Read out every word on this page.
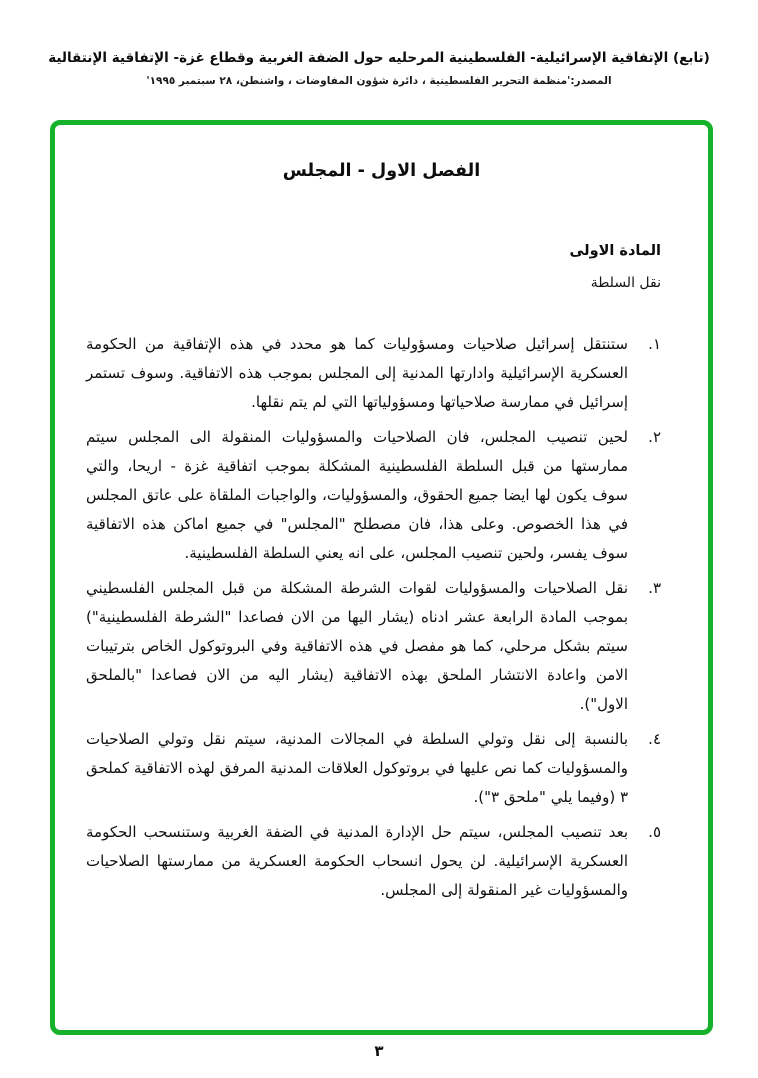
(تابع) الإتفاقية الإسرائيلية- الفلسطينية المرحليه حول الضفة الغربية وقطاع غزة- الإتفاقية الإنتقالية
المصدر:'منظمة التحرير الفلسطينية ، دائرة شؤون المفاوضات ، واشنطن، ٢٨ سبتمبر ١٩٩٥'
الفصل الاول - المجلس
المادة الاولى
نقل السلطة
١.
ستنتقل إسرائيل صلاحيات ومسؤوليات كما هو محدد في هذه الإتفاقية من الحكومة العسكرية الإسرائيلية وادارتها المدنية إلى المجلس بموجب هذه الاتفاقية. وسوف تستمر إسرائيل في ممارسة صلاحياتها ومسؤولياتها التي لم يتم نقلها.
٢.
لحين تنصيب المجلس، فان الصلاحيات والمسؤوليات المنقولة الى المجلس سيتم ممارستها من قبل السلطة الفلسطينية المشكلة بموجب اتفاقية غزة - اريحا، والتي سوف يكون لها ايضا جميع الحقوق، والمسؤوليات، والواجبات الملقاة على عاتق المجلس في هذا الخصوص. وعلى هذا، فان مصطلح "المجلس" في جميع اماكن هذه الاتفاقية سوف يفسر، ولحين تنصيب المجلس، على انه يعني السلطة الفلسطينية.
٣.
نقل الصلاحيات والمسؤوليات لقوات الشرطة المشكلة من قبل المجلس الفلسطيني بموجب المادة الرابعة عشر ادناه (يشار اليها من الان فصاعدا "الشرطة الفلسطينية") سيتم بشكل مرحلي، كما هو مفصل في هذه الاتفاقية وفي البروتوكول الخاص بترتيبات الامن واعادة الانتشار الملحق بهذه الاتفاقية (يشار اليه من الان فصاعدا "بالملحق الاول").
٤.
بالنسبة إلى نقل وتولي السلطة في المجالات المدنية، سيتم نقل وتولي الصلاحيات والمسؤوليات كما نص عليها في بروتوكول العلاقات المدنية المرفق لهذه الاتفاقية كملحق ٣ (وفيما يلي "ملحق ٣").
٥.
بعد تنصيب المجلس، سيتم حل الإدارة المدنية في الضفة الغربية وستنسحب الحكومة العسكرية الإسرائيلية. لن يحول انسحاب الحكومة العسكرية من ممارستها الصلاحيات والمسؤوليات غير المنقولة إلى المجلس.
٣
